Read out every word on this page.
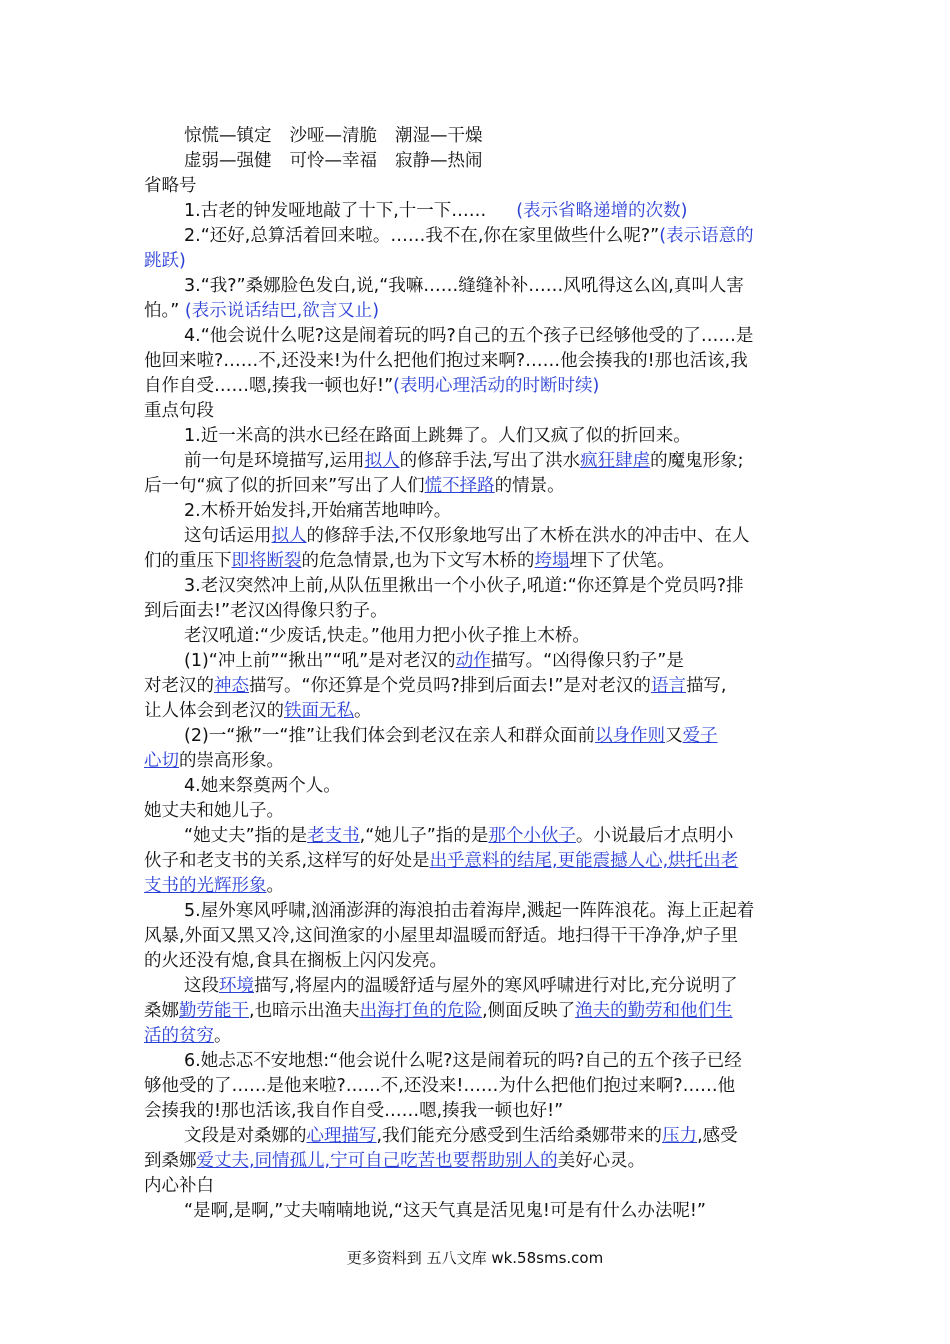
惊慌—镇定 沙哑—清脆 潮湿—干燥
虚弱—强健 可怜—幸福 寂静—热闹
省略号
1.古老的钟发哑地敲了十下,十一下…… (表示省略递增的次数)
2.“还好,总算活着回来啦。……我不在,你在家里做些什么呢?”(表示语意的
跳跃)
3.“我?”桑娜脸色发白,说,“我嘛……缝缝补补……风吼得这么凶,真叫人害
怕。” (表示说话结巴,欲言又止)
4.“他会说什么呢?这是闹着玩的吗?自己的五个孩子已经够他受的了……是
他回来啦?……不,还没来!为什么把他们抱过来啊?……他会揍我的!那也活该,我
自作自受……嗯,揍我一顿也好!”(表明心理活动的时断时续)
重点句段
1.近一米高的洪水已经在路面上跳舞了。人们又疯了似的折回来。
前一句是环境描写,运用拟人的修辞手法,写出了洪水疯狂肆虐的魔鬼形象;
后一句“疯了似的折回来”写出了人们慌不择路的情景。
2.木桥开始发抖,开始痛苦地呻吟。
这句话运用拟人的修辞手法,不仅形象地写出了木桥在洪水的冲击中、在人
们的重压下即将断裂的危急情景,也为下文写木桥的垮塌埋下了伏笔。
3.老汉突然冲上前,从队伍里揪出一个小伙子,吼道:“你还算是个党员吗?排
到后面去!”老汉凶得像只豹子。
老汉吼道:“少废话,快走。”他用力把小伙子推上木桥。
(1)“冲上前”“揪出”“吼”是对老汉的动作描写。“凶得像只豹子”是
对老汉的神态描写。“你还算是个党员吗?排到后面去!”是对老汉的语言描写,
让人体会到老汉的铁面无私。
(2)一“揪”一“推”让我们体会到老汉在亲人和群众面前以身作则又爱子
心切的崇高形象。
4.她来祭奠两个人。
她丈夫和她儿子。
“她丈夫”指的是老支书,“她儿子”指的是那个小伙子。小说最后才点明小
伙子和老支书的关系,这样写的好处是出乎意料的结尾,更能震撼人心,烘托出老
支书的光辉形象。
5.屋外寒风呼啸,汹涌澎湃的海浪拍击着海岸,溅起一阵阵浪花。海上正起着
风暴,外面又黑又冷,这间渔家的小屋里却温暖而舒适。地扫得干干净净,炉子里
的火还没有熄,食具在搁板上闪闪发亮。
这段环境描写,将屋内的温暖舒适与屋外的寒风呼啸进行对比,充分说明了
桑娜勤劳能干,也暗示出渔夫出海打鱼的危险,侧面反映了渔夫的勤劳和他们生
活的贫穷。
6.她忐忑不安地想:“他会说什么呢?这是闹着玩的吗?自己的五个孩子已经
够他受的了……是他来啦?……不,还没来!……为什么把他们抱过来啊?……他
会揍我的!那也活该,我自作自受……嗯,揍我一顿也好!”
文段是对桑娜的心理描写,我们能充分感受到生活给桑娜带来的压力,感受
到桑娜爱丈夫,同情孤儿,宁可自己吃苦也要帮助别人的美好心灵。
内心补白
“是啊,是啊,”丈夫喃喃地说,“这天气真是活见鬼!可是有什么办法呢!”
更多资料到 五八文库 wk.58sms.com
